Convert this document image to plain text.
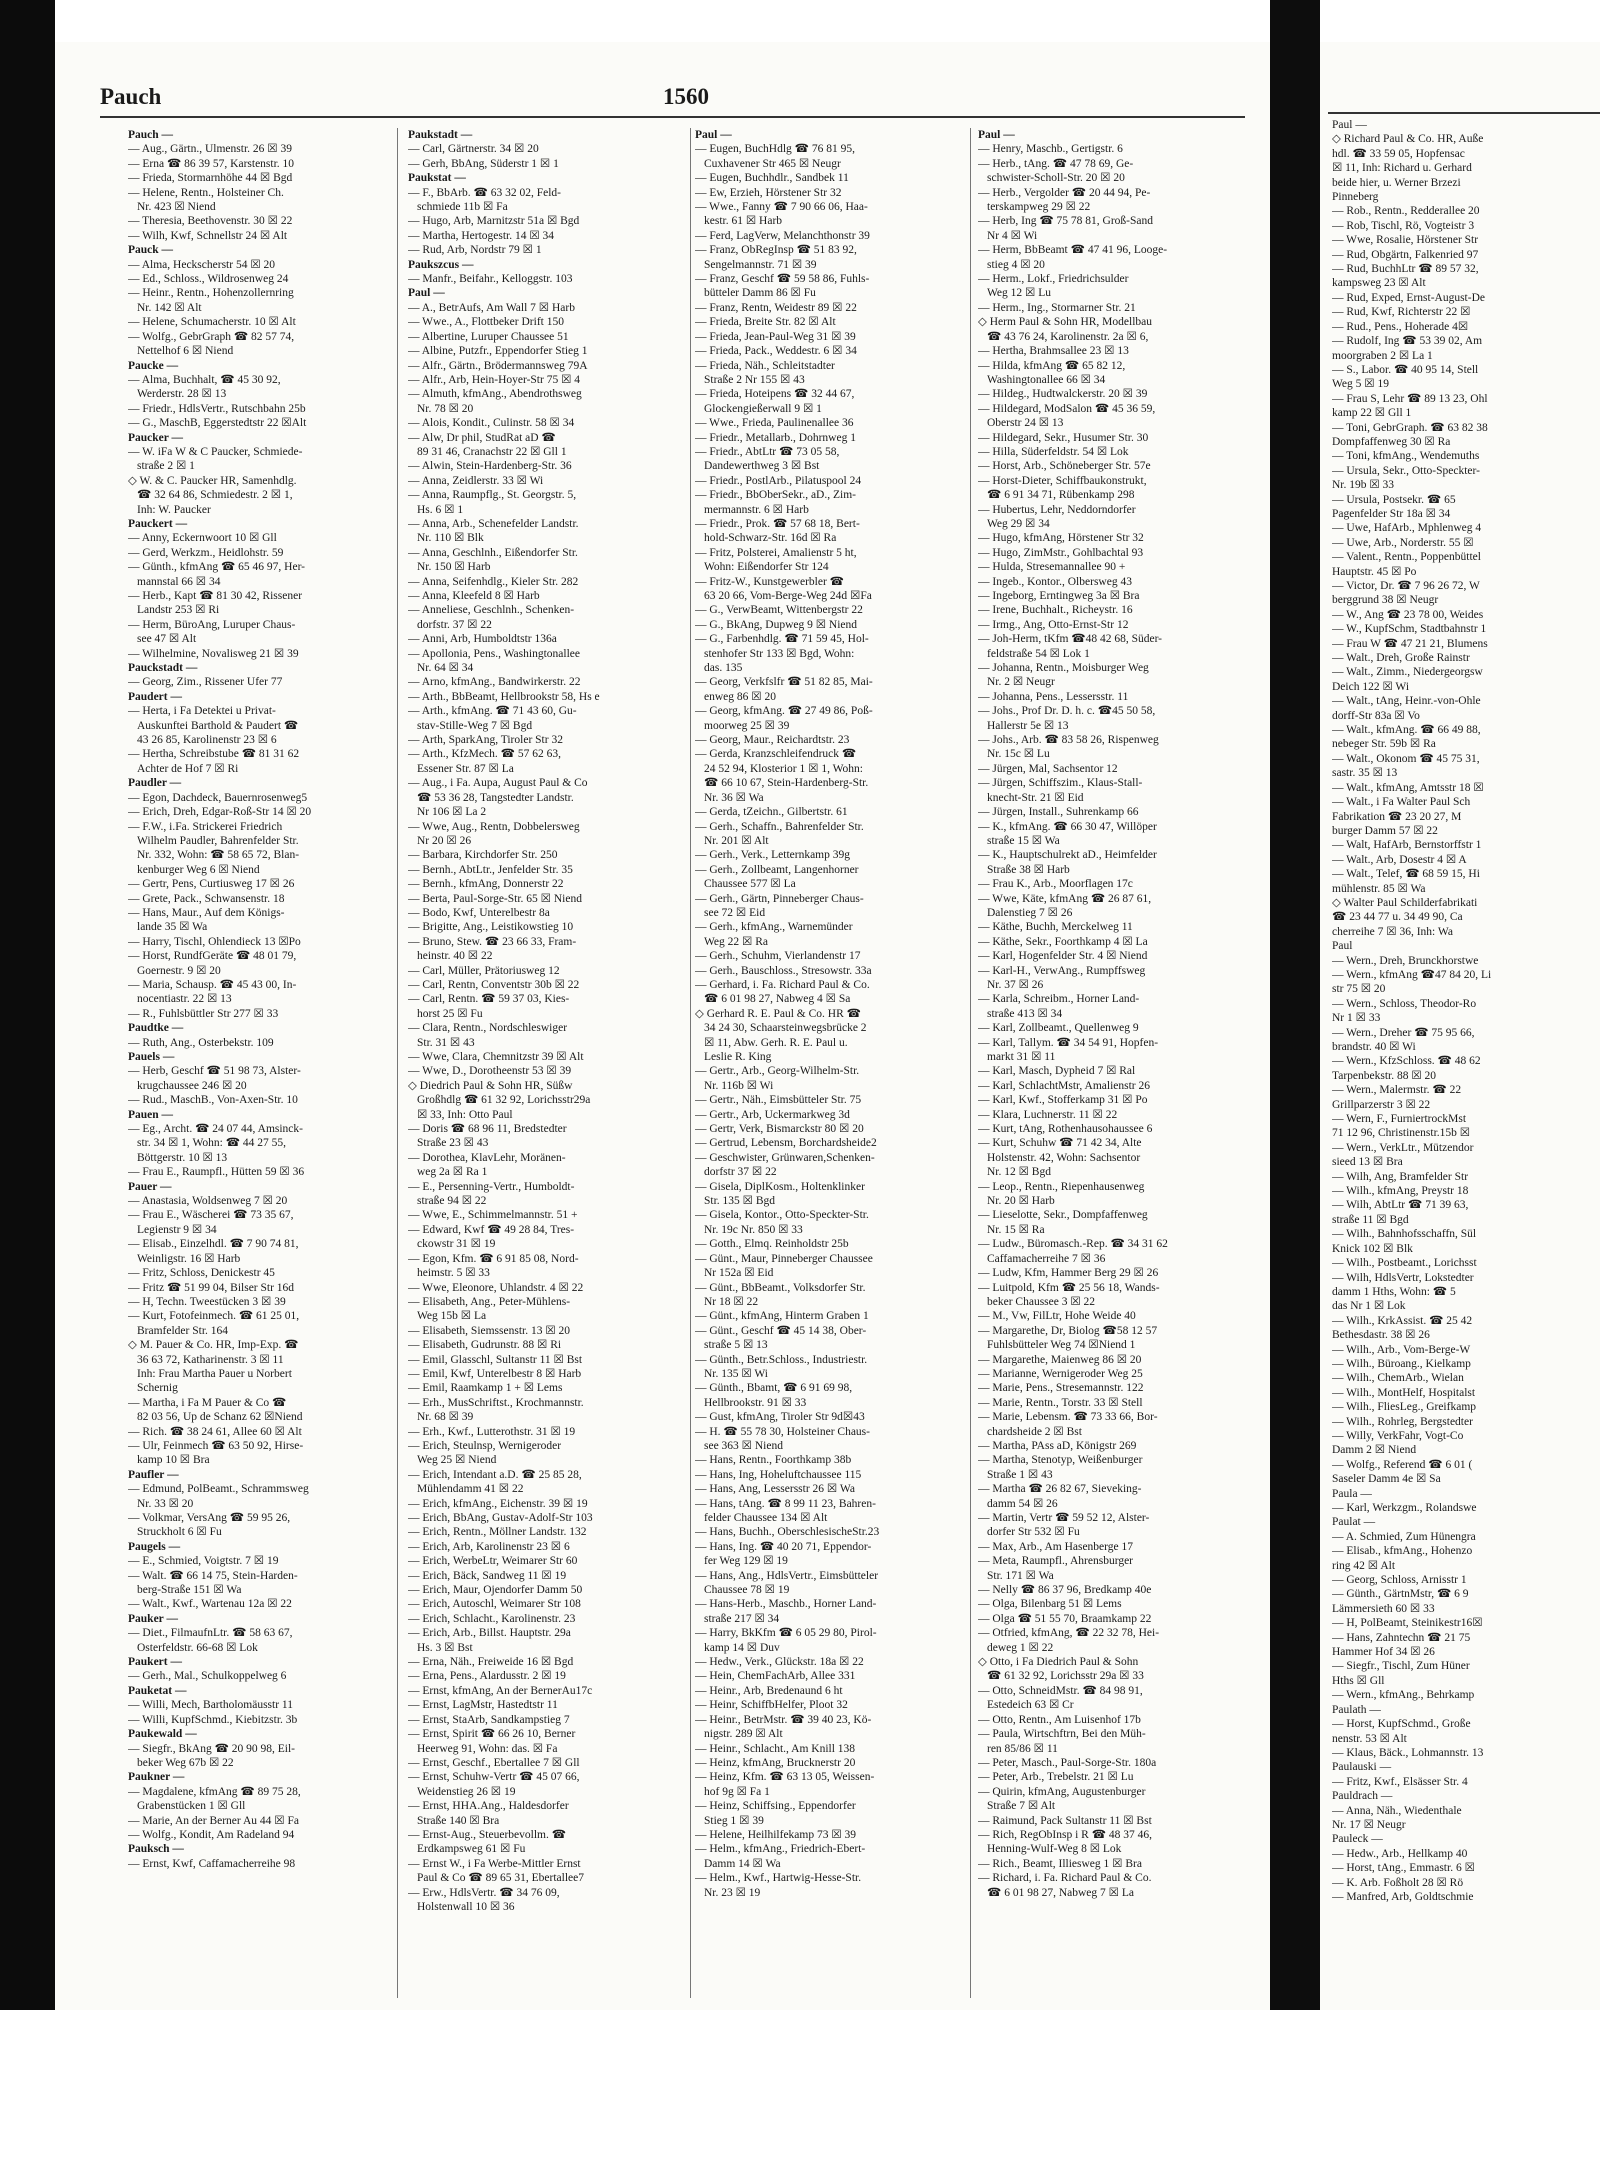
Pauch	1560

Pauch —

— Aug., Gärtn., Ulmenstr. 26 ☒ 39

— Erna ☎ 86 39 57, Karstenstr. 10

— Frieda, Stormarnhöhe 44 ☒ Bgd

— Helene, Rentn., Holsteiner Ch.

Nr. 423 ☒ Niend

— Theresia, Beethovenstr. 30 ☒ 22

— Wilh, Kwf, Schnellstr 24 ☒ Alt

Pauck —

— Alma, Heckscherstr 54 ☒ 20

— Ed., Schloss., Wildrosenweg 24

— Heinr., Rentn., Hohenzollernring

Nr. 142 ☒ Alt

— Helene, Schumacherstr. 10 ☒ Alt

— Wolfg., GebrGraph ☎ 82 57 74,

Nettelhof 6 ☒ Niend

Paucke —

— Alma, Buchhalt, ☎ 45 30 92,

Werderstr. 28 ☒ 13

— Friedr., HdlsVertr., Rutschbahn 25b

— G., MaschB, Eggerstedtstr 22 ☒Alt

Paucker —

— W. iFa W & C Paucker, Schmiede-

straße 2 ☒ 1

◇ W. & C. Paucker HR, Samenhdlg.

☎ 32 64 86, Schmiedestr. 2 ☒ 1,

Inh: W. Paucker

Pauckert —

— Anny, Eckernwoort 10 ☒ Gll

— Gerd, Werkzm., Heidlohstr. 59

— Günth., kfmAng ☎ 65 46 97, Her-

mannstal 66 ☒ 34

— Herb., Kapt ☎ 81 30 42, Rissener

Landstr 253 ☒ Ri

— Herm, BüroAng, Luruper Chaus-

see 47 ☒ Alt

— Wilhelmine, Novalisweg 21 ☒ 39

Pauckstadt —

— Georg, Zim., Rissener Ufer 77

Paudert —

— Herta, i Fa Detektei u Privat-

Auskunftei Barthold & Paudert ☎

43 26 85, Karolinenstr 23 ☒ 6

— Hertha, Schreibstube ☎ 81 31 62

Achter de Hof 7 ☒ Ri

Paudler —

— Egon, Dachdeck, Bauernrosenweg5

— Erich, Dreh, Edgar-Roß-Str 14 ☒ 20

— F.W., i.Fa. Strickerei Friedrich

Wilhelm Paudler, Bahrenfelder Str.

Nr. 332, Wohn: ☎ 58 65 72, Blan-

kenburger Weg 6 ☒ Niend

— Gertr, Pens, Curtiusweg 17 ☒ 26

— Grete, Pack., Schwansenstr. 18

— Hans, Maur., Auf dem Königs-

lande 35 ☒ Wa

— Harry, Tischl, Ohlendieck 13 ☒Po

— Horst, RundfGeräte ☎ 48 01 79,

Goernestr. 9 ☒ 20

— Maria, Schausp. ☎ 45 43 00, In-

nocentiastr. 22 ☒ 13

— R., Fuhlsbüttler Str 277 ☒ 33

Paudtke —

— Ruth, Ang., Osterbekstr. 109

Pauels —

— Herb, Geschf ☎ 51 98 73, Alster-

krugchaussee 246 ☒ 20

— Rud., MaschB., Von-Axen-Str. 10

Pauen —

— Eg., Archt. ☎ 24 07 44, Amsinck-

str. 34 ☒ 1, Wohn: ☎ 44 27 55,

Böttgerstr. 10 ☒ 13

— Frau E., Raumpfl., Hütten 59 ☒ 36

Pauer —

— Anastasia, Woldsenweg 7 ☒ 20

— Frau E., Wäscherei ☎ 73 35 67,

Legienstr 9 ☒ 34

— Elisab., Einzelhdl. ☎ 7 90 74 81,

Weinligstr. 16 ☒ Harb

— Fritz, Schloss, Denickestr 45

— Fritz ☎ 51 99 04, Bilser Str 16d

— H, Techn. Tweestücken 3 ☒ 39

— Kurt, Fotofeinmech. ☎ 61 25 01,

Bramfelder Str. 164

◇ M. Pauer & Co. HR, Imp-Exp. ☎

36 63 72, Katharinenstr. 3 ☒ 11

Inh: Frau Martha Pauer u Norbert

Schernig

— Martha, i Fa M Pauer & Co ☎

82 03 56, Up de Schanz 62 ☒Niend

— Rich. ☎ 38 24 61, Allee 60 ☒ Alt

— Ulr, Feinmech ☎ 63 50 92, Hirse-

kamp 10 ☒ Bra

Paufler —

— Edmund, PolBeamt., Schrammsweg

Nr. 33 ☒ 20

— Volkmar, VersAng ☎ 59 95 26,

Struckholt 6 ☒ Fu

Paugels —

— E., Schmied, Voigtstr. 7 ☒ 19

— Walt. ☎ 66 14 75, Stein-Harden-

berg-Straße 151 ☒ Wa

— Walt., Kwf., Wartenau 12a ☒ 22

Pauker —

— Diet., FilmaufnLtr. ☎ 58 63 67,

Osterfeldstr. 66-68 ☒ Lok

Paukert —

— Gerh., Mal., Schulkoppelweg 6

Pauketat —

— Willi, Mech, Bartholomäusstr 11

— Willi, KupfSchmd., Kiebitzstr. 3b

Paukewald —

— Siegfr., BkAng ☎ 20 90 98, Eil-

beker Weg 67b ☒ 22

Paukner —

— Magdalene, kfmAng ☎ 89 75 28,

Grabenstücken 1 ☒ Gll

— Marie, An der Berner Au 44 ☒ Fa

— Wolfg., Kondit, Am Radeland 94

Pauksch —

— Ernst, Kwf, Caffamacherreihe 98

Paukstadt —

— Carl, Gärtnerstr. 34 ☒ 20

— Gerh, BbAng, Süderstr 1 ☒ 1

Paukstat —

— F., BbArb. ☎ 63 32 02, Feld-

schmiede 11b ☒ Fa

— Hugo, Arb, Marnitzstr 51a ☒ Bgd

— Martha, Hertogestr. 14 ☒ 34

— Rud, Arb, Nordstr 79 ☒ 1

Paukszcus —

— Manfr., Beifahr., Kelloggstr. 103

Paul —

— A., BetrAufs, Am Wall 7 ☒ Harb

— Wwe., A., Flottbeker Drift 150

— Albertine, Luruper Chaussee 51

— Albine, Putzfr., Eppendorfer Stieg 1

— Alfr., Gärtn., Brödermannsweg 79A

— Alfr., Arb, Hein-Hoyer-Str 75 ☒ 4

— Almuth, kfmAng., Abendrothsweg

Nr. 78 ☒ 20

— Alois, Kondit., Culinstr. 58 ☒ 34

— Alw, Dr phil, StudRat aD ☎

89 31 46, Cranachstr 22 ☒ Gll 1

— Alwin, Stein-Hardenberg-Str. 36

— Anna, Zeidlerstr. 33 ☒ Wi

— Anna, Raumpflg., St. Georgstr. 5,

Hs. 6 ☒ 1

— Anna, Arb., Schenefelder Landstr.

Nr. 110 ☒ Blk

— Anna, Geschlnh., Eißendorfer Str.

Nr. 150 ☒ Harb

— Anna, Seifenhdlg., Kieler Str. 282

— Anna, Kleefeld 8 ☒ Harb

— Anneliese, Geschlnh., Schenken-

dorfstr. 37 ☒ 22

— Anni, Arb, Humboldtstr 136a

— Apollonia, Pens., Washingtonallee

Nr. 64 ☒ 34

— Arno, kfmAng., Bandwirkerstr. 22

— Arth., BbBeamt, Hellbrookstr 58, Hs e

— Arth., kfmAng. ☎ 71 43 60, Gu-

stav-Stille-Weg 7 ☒ Bgd

— Arth, SparkAng, Tiroler Str 32

— Arth., KfzMech. ☎ 57 62 63,

Essener Str. 87 ☒ La

— Aug., i Fa. Aupa, August Paul & Co

☎ 53 36 28, Tangstedter Landstr.

Nr 106 ☒ La 2

— Wwe, Aug., Rentn, Dobbelersweg

Nr 20 ☒ 26

— Barbara, Kirchdorfer Str. 250

— Bernh., AbtLtr., Jenfelder Str. 35

— Bernh., kfmAng, Donnerstr 22

— Berta, Paul-Sorge-Str. 65 ☒ Niend

— Bodo, Kwf, Unterelbestr 8a

— Brigitte, Ang., Leistikowstieg 10

— Bruno, Stew. ☎ 23 66 33, Fram-

heinstr. 40 ☒ 22

— Carl, Müller, Prätoriusweg 12

— Carl, Rentn, Conventstr 30b ☒ 22

— Carl, Rentn. ☎ 59 37 03, Kies-

horst 25 ☒ Fu

— Clara, Rentn., Nordschleswiger

Str. 31 ☒ 43

— Wwe, Clara, Chemnitzstr 39 ☒ Alt

— Wwe, D., Dorotheenstr 53 ☒ 39

◇ Diedrich Paul & Sohn HR, Süßw

Großhdlg ☎ 61 32 92, Lorichsstr29a

☒ 33, Inh: Otto Paul

— Doris ☎ 68 96 11, Bredstedter

Straße 23 ☒ 43

— Dorothea, KlavLehr, Moränen-

weg 2a ☒ Ra 1

— E., Persenning-Vertr., Humboldt-

straße 94 ☒ 22

— Wwe, E., Schimmelmannstr. 51 +

— Edward, Kwf ☎ 49 28 84, Tres-

ckowstr 31 ☒ 19

— Egon, Kfm. ☎ 6 91 85 08, Nord-

heimstr. 5 ☒ 33

— Wwe, Eleonore, Uhlandstr. 4 ☒ 22

— Elisabeth, Ang., Peter-Mühlens-

Weg 15b ☒ La

— Elisabeth, Siemssenstr. 13 ☒ 20

— Elisabeth, Gudrunstr. 88 ☒ Ri

— Emil, Glasschl, Sultanstr 11 ☒ Bst

— Emil, Kwf, Unterelbestr 8 ☒ Harb

— Emil, Raamkamp 1 + ☒ Lems

— Erh., MusSchriftst., Krochmannstr.

Nr. 68 ☒ 39

— Erh., Kwf., Lutterothstr. 31 ☒ 19

— Erich, Steulnsp, Wernigeroder

Weg 25 ☒ Niend

— Erich, Intendant a.D. ☎ 25 85 28,

Mühlendamm 41 ☒ 22

— Erich, kfmAng., Eichenstr. 39 ☒ 19

— Erich, BbAng, Gustav-Adolf-Str 103

— Erich, Rentn., Möllner Landstr. 132

— Erich, Arb, Karolinenstr 23 ☒ 6

— Erich, WerbeLtr, Weimarer Str 60

— Erich, Bäck, Sandweg 11 ☒ 19

— Erich, Maur, Ojendorfer Damm 50

— Erich, Autoschl, Weimarer Str 108

— Erich, Schlacht., Karolinenstr. 23

— Erich, Arb., Billst. Hauptstr. 29a

Hs. 3 ☒ Bst

— Erna, Näh., Freiweide 16 ☒ Bgd

— Erna, Pens., Alardusstr. 2 ☒ 19

— Ernst, kfmAng, An der BernerAu17c

— Ernst, LagMstr, Hastedtstr 11

— Ernst, StaArb, Sandkampstieg 7

— Ernst, Spirit ☎ 66 26 10, Berner

Heerweg 91, Wohn: das. ☒ Fa

— Ernst, Geschf., Ebertallee 7 ☒ Gll

— Ernst, Schuhw-Vertr ☎ 45 07 66,

Weidenstieg 26 ☒ 19

— Ernst, HHA.Ang., Haldesdorfer

Straße 140 ☒ Bra

— Ernst-Aug., Steuerbevollm. ☎

Erdkampsweg 61 ☒ Fu

— Ernst W., i Fa Werbe-Mittler Ernst

Paul & Co ☎ 89 65 31, Ebertallee7

— Erw., HdlsVertr. ☎ 34 76 09,

Holstenwall 10 ☒ 36

Paul —

— Eugen, BuchHdlg ☎ 76 81 95,

Cuxhavener Str 465 ☒ Neugr

— Eugen, Buchhdlr., Sandbek 11

— Ew, Erzieh, Hörstener Str 32

— Wwe., Fanny ☎ 7 90 66 06, Haa-

kestr. 61 ☒ Harb

— Ferd, LagVerw, Melanchthonstr 39

— Franz, ObRegInsp ☎ 51 83 92,

Sengelmannstr. 71 ☒ 39

— Franz, Geschf ☎ 59 58 86, Fuhls-

bütteler Damm 86 ☒ Fu

— Franz, Rentn, Weidestr 89 ☒ 22

— Frieda, Breite Str. 82 ☒ Alt

— Frieda, Jean-Paul-Weg 31 ☒ 39

— Frieda, Pack., Weddestr. 6 ☒ 34

— Frieda, Näh., Schleitstadter

Straße 2 Nr 155 ☒ 43

— Frieda, Hoteipens ☎ 32 44 67,

Glockengießerwall 9 ☒ 1

— Wwe., Frieda, Paulinenallee 36

— Friedr., Metallarb., Dohrnweg 1

— Friedr., AbtLtr ☎ 73 05 58,

Dandewerthweg 3 ☒ Bst

— Friedr., PostlArb., Pilatuspool 24

— Friedr., BbOberSekr., aD., Zim-

mermannstr. 6 ☒ Harb

— Friedr., Prok. ☎ 57 68 18, Bert-

hold-Schwarz-Str. 16d ☒ Ra

— Fritz, Polsterei, Amalienstr 5 ht,

Wohn: Eißendorfer Str 124

— Fritz-W., Kunstgewerbler ☎

63 20 66, Vom-Berge-Weg 24d ☒Fa

— G., VerwBeamt, Wittenbergstr 22

— G., BkAng, Dupweg 9 ☒ Niend

— G., Farbenhdlg. ☎ 71 59 45, Hol-

stenhofer Str 133 ☒ Bgd, Wohn:

das. 135

— Georg, Verkfslfr ☎ 51 82 85, Mai-

enweg 86 ☒ 20

— Georg, kfmAng. ☎ 27 49 86, Poß-

moorweg 25 ☒ 39

— Georg, Maur., Reichardtstr. 23

— Gerda, Kranzschleifendruck ☎

24 52 94, Klosterior 1 ☒ 1, Wohn:

☎ 66 10 67, Stein-Hardenberg-Str.

Nr. 36 ☒ Wa

— Gerda, tZeichn., Gilbertstr. 61

— Gerh., Schaffn., Bahrenfelder Str.

Nr. 201 ☒ Alt

— Gerh., Verk., Letternkamp 39g

— Gerh., Zollbeamt, Langenhorner

Chaussee 577 ☒ La

— Gerh., Gärtn, Pinneberger Chaus-

see 72 ☒ Eid

— Gerh., kfmAng., Warnemünder

Weg 22 ☒ Ra

— Gerh., Schuhm, Vierlandenstr 17

— Gerh., Bauschloss., Stresowstr. 33a

— Gerhard, i. Fa. Richard Paul & Co.

☎ 6 01 98 27, Nabweg 4 ☒ Sa

◇ Gerhard R. E. Paul & Co. HR ☎

34 24 30, Schaarsteinwegsbrücke 2

☒ 11, Abw. Gerh. R. E. Paul u.

Leslie R. King

— Gertr., Arb., Georg-Wilhelm-Str.

Nr. 116b ☒ Wi

— Gertr., Näh., Eimsbütteler Str. 75

— Gertr., Arb, Uckermarkweg 3d

— Gertr, Verk, Bismarckstr 80 ☒ 20

— Gertrud, Lebensm, Borchardsheide2

— Geschwister, Grünwaren,Schenken-

dorfstr 37 ☒ 22

— Gisela, DiplKosm., Holtenklinker

Str. 135 ☒ Bgd

— Gisela, Kontor., Otto-Speckter-Str.

Nr. 19c Nr. 850 ☒ 33

— Gotth., Elmq. Reinholdstr 25b

— Günt., Maur, Pinneberger Chaussee

Nr 152a ☒ Eid

— Günt., BbBeamt., Volksdorfer Str.

Nr 18 ☒ 22

— Günt., kfmAng, Hinterm Graben 1

— Günt., Geschf ☎ 45 14 38, Ober-

straße 5 ☒ 13

— Günth., Betr.Schloss., Industriestr.

Nr. 135 ☒ Wi

— Günth., Bbamt, ☎ 6 91 69 98,

Hellbrookstr. 91 ☒ 33

— Gust, kfmAng, Tiroler Str 9d☒43

— H. ☎ 55 78 30, Holsteiner Chaus-

see 363 ☒ Niend

— Hans, Rentn., Foorthkamp 38b

— Hans, Ing, Hoheluftchaussee 115

— Hans, Ang, Lessersstr 26 ☒ Wa

— Hans, tAng. ☎ 8 99 11 23, Bahren-

felder Chaussee 134 ☒ Alt

— Hans, Buchh., OberschlesischeStr.23

— Hans, Ing. ☎ 40 20 71, Eppendor-

fer Weg 129 ☒ 19

— Hans, Ang., HdlsVertr., Eimsbütteler

Chaussee 78 ☒ 19

— Hans-Herb., Maschb., Horner Land-

straße 217 ☒ 34

— Harry, BkKfm ☎ 6 05 29 80, Pirol-

kamp 14 ☒ Duv

— Hedw., Verk., Glückstr. 18a ☒ 22

— Hein, ChemFachArb, Allee 331

— Heinr., Arb, Bredenaund 6 ht

— Heinr, SchiffbHelfer, Ploot 32

— Heinr., BetrMstr. ☎ 39 40 23, Kö-

nigstr. 289 ☒ Alt

— Heinr., Schlacht., Am Knill 138

— Heinz, kfmAng, Brucknerstr 20

— Heinz, Kfm. ☎ 63 13 05, Weissen-

hof 9g ☒ Fa 1

— Heinz, Schiffsing., Eppendorfer

Stieg 1 ☒ 39

— Helene, Heilhilfekamp 73 ☒ 39

— Helm., kfmAng., Friedrich-Ebert-

Damm 14 ☒ Wa

— Helm., Kwf., Hartwig-Hesse-Str.

Nr. 23 ☒ 19

Paul —

— Henry, Maschb., Gertigstr. 6

— Herb., tAng. ☎ 47 78 69, Ge-

schwister-Scholl-Str. 20 ☒ 20

— Herb., Vergolder ☎ 20 44 94, Pe-

terskampweg 29 ☒ 22

— Herb, Ing ☎ 75 78 81, Groß-Sand

Nr 4 ☒ Wi

— Herm, BbBeamt ☎ 47 41 96, Looge-

stieg 4 ☒ 20

— Herm., Lokf., Friedrichsulder

Weg 12 ☒ Lu

— Herm., Ing., Stormarner Str. 21

◇ Herm Paul & Sohn HR, Modellbau

☎ 43 76 24, Karolinenstr. 2a ☒ 6,

— Hertha, Brahmsallee 23 ☒ 13

— Hilda, kfmAng ☎ 65 82 12,

Washingtonallee 66 ☒ 34

— Hildeg., Hudtwalckerstr. 20 ☒ 39

— Hildegard, ModSalon ☎ 45 36 59,

Oberstr 24 ☒ 13

— Hildegard, Sekr., Husumer Str. 30

— Hilla, Süderfeldstr. 54 ☒ Lok

— Horst, Arb., Schöneberger Str. 57e

— Horst-Dieter, Schiffbaukonstrukt,

☎ 6 91 34 71, Rübenkamp 298

— Hubertus, Lehr, Neddorndorfer

Weg 29 ☒ 34

— Hugo, kfmAng, Hörstener Str 32

— Hugo, ZimMstr., Gohlbachtal 93

— Hulda, Stresemannallee 90 +

— Ingeb., Kontor., Olbersweg 43

— Ingeborg, Erntingweg 3a ☒ Bra

— Irene, Buchhalt., Richeystr. 16

— Irmg., Ang, Otto-Ernst-Str 12

— Joh-Herm, tKfm ☎48 42 68, Süder-

feldstraße 54 ☒ Lok 1

— Johanna, Rentn., Moisburger Weg

Nr. 2 ☒ Neugr

— Johanna, Pens., Lessersstr. 11

— Johs., Prof Dr. D. h. c. ☎45 50 58,

Hallerstr 5e ☒ 13

— Johs., Arb. ☎ 83 58 26, Rispenweg

Nr. 15c ☒ Lu

— Jürgen, Mal, Sachsentor 12

— Jürgen, Schiffszim., Klaus-Stall-

knecht-Str. 21 ☒ Eid

— Jürgen, Install., Suhrenkamp 66

— K., kfmAng. ☎ 66 30 47, Willöper

straße 15 ☒ Wa

— K., Hauptschulrekt aD., Heimfelder

Straße 38 ☒ Harb

— Frau K., Arb., Moorflagen 17c

— Wwe, Käte, kfmAng ☎ 26 87 61,

Dalenstieg 7 ☒ 26

— Käthe, Buchh, Merckelweg 11

— Käthe, Sekr., Foorthkamp 4 ☒ La

— Karl, Hogenfelder Str. 4 ☒ Niend

— Karl-H., VerwAng., Rumpffsweg

Nr. 37 ☒ 26

— Karla, Schreibm., Horner Land-

straße 413 ☒ 34

— Karl, Zollbeamt., Quellenweg 9

— Karl, Tallym. ☎ 34 54 91, Hopfen-

markt 31 ☒ 11

— Karl, Masch, Dypheid 7 ☒ Ral

— Karl, SchlachtMstr, Amalienstr 26

— Karl, Kwf., Stofferkamp 31 ☒ Po

— Klara, Luchnerstr. 11 ☒ 22

— Kurt, tAng, Rothenhausohaussee 6

— Kurt, Schuhw ☎ 71 42 34, Alte

Holstenstr. 42, Wohn: Sachsentor

Nr. 12 ☒ Bgd

— Leop., Rentn., Riepenhausenweg

Nr. 20 ☒ Harb

— Lieselotte, Sekr., Dompfaffenweg

Nr. 15 ☒ Ra

— Ludw., Büromasch.-Rep. ☎ 34 31 62

Caffamacherreihe 7 ☒ 36

— Ludw, Kfm, Hammer Berg 29 ☒ 26

— Luitpold, Kfm ☎ 25 56 18, Wands-

beker Chaussee 3 ☒ 22

— M., Vw, FilLtr, Hohe Weide 40

— Margarethe, Dr, Biolog ☎58 12 57

Fuhlsbütteler Weg 74 ☒Niend 1

— Margarethe, Maienweg 86 ☒ 20

— Marianne, Wernigeroder Weg 25

— Marie, Pens., Stresemannstr. 122

— Marie, Rentn., Torstr. 33 ☒ Stell

— Marie, Lebensm. ☎ 73 33 66, Bor-

chardsheide 2 ☒ Bst

— Martha, PAss aD, Königstr 269

— Martha, Stenotyp, Weißenburger

Straße 1 ☒ 43

— Martha ☎ 26 82 67, Sieveking-

damm 54 ☒ 26

— Martin, Vertr ☎ 59 52 12, Alster-

dorfer Str 532 ☒ Fu

— Max, Arb., Am Hasenberge 17

— Meta, Raumpfl., Ahrensburger

Str. 171 ☒ Wa

— Nelly ☎ 86 37 96, Bredkamp 40e

— Olga, Bilenbarg 51 ☒ Lems

— Olga ☎ 51 55 70, Braamkamp 22

— Otfried, kfmAng, ☎ 22 32 78, Hei-

deweg 1 ☒ 22

◇ Otto, i Fa Diedrich Paul & Sohn

☎ 61 32 92, Lorichsstr 29a ☒ 33

— Otto, SchneidMstr. ☎ 84 98 91,

Estedeich 63 ☒ Cr

— Otto, Rentn., Am Luisenhof 17b

— Paula, Wirtschftrn, Bei den Müh-

ren 85/86 ☒ 11

— Peter, Masch., Paul-Sorge-Str. 180a

— Peter, Arb., Trebelstr. 21 ☒ Lu

— Quirin, kfmAng, Augustenburger

Straße 7 ☒ Alt

— Raimund, Pack Sultanstr 11 ☒ Bst

— Rich, RegObInsp i R ☎ 48 37 46,

Henning-Wulf-Weg 8 ☒ Lok

— Rich., Beamt, Illiesweg 1 ☒ Bra

— Richard, i. Fa. Richard Paul & Co.

☎ 6 01 98 27, Nabweg 7 ☒ La

Paul —

◇ Richard Paul & Co. HR, Auße

hdl. ☎ 33 59 05, Hopfensac

☒ 11, Inh: Richard u. Gerhard

beide hier, u. Werner Brzezi

Pinneberg

— Rob., Rentn., Redderallee 20

— Rob, Tischl, Rö, Vogteistr 3

— Wwe, Rosalie, Hörstener Str

— Rud, Obgärtn, Falkenried 97

— Rud, BuchhLtr ☎ 89 57 32,

kampsweg 23 ☒ Alt

— Rud, Exped, Ernst-August-De

— Rud, Kwf, Richterstr 22 ☒

— Rud., Pens., Hoherade 4☒

— Rudolf, Ing ☎ 53 39 02, Am

moorgraben 2 ☒ La 1

— S., Labor. ☎ 40 95 14, Stell

Weg 5 ☒ 19

— Frau S, Lehr ☎ 89 13 23, Ohl

kamp 22 ☒ Gll 1

— Toni, GebrGraph. ☎ 63 82 38

Dompfaffenweg 30 ☒ Ra

— Toni, kfmAng., Wendemuths

— Ursula, Sekr., Otto-Speckter-

Nr. 19b ☒ 33

— Ursula, Postsekr. ☎ 65

Pagenfelder Str 18a ☒ 34

— Uwe, HafArb., Mphlenweg 4

— Uwe, Arb., Norderstr. 55 ☒

— Valent., Rentn., Poppenbüttel

Hauptstr. 45 ☒ Po

— Victor, Dr. ☎ 7 96 26 72, W

berggrund 38 ☒ Neugr

— W., Ang ☎ 23 78 00, Weides

— W., KupfSchm, Stadtbahnstr 1

— Frau W ☎ 47 21 21, Blumens

— Walt., Dreh, Große Rainstr

— Walt., Zimm., Niedergeorgsw

Deich 122 ☒ Wi

— Walt., tAng, Heinr.-von-Ohle

dorff-Str 83a ☒ Vo

— Walt., kfmAng. ☎ 66 49 88,

nebeger Str. 59b ☒ Ra

— Walt., Okonom ☎ 45 75 31,

sastr. 35 ☒ 13

— Walt., kfmAng, Amtsstr 18 ☒

— Walt., i Fa Walter Paul Sch

Fabrikation ☎ 23 20 27, M

burger Damm 57 ☒ 22

— Walt, HafArb, Bernstorffstr 1

— Walt., Arb, Dosestr 4 ☒ A

— Walt., Telef, ☎ 68 59 15, Hi

mühlenstr. 85 ☒ Wa

◇ Walter Paul Schilderfabrikati

☎ 23 44 77 u. 34 49 90, Ca

cherreihe 7 ☒ 36, Inh: Wa

Paul

— Wern., Dreh, Brunckhorstwe

— Wern., kfmAng ☎47 84 20, Li

str 75 ☒ 20

— Wern., Schloss, Theodor-Ro

Nr 1 ☒ 33

— Wern., Dreher ☎ 75 95 66,

brandstr. 40 ☒ Wi

— Wern., KfzSchloss. ☎ 48 62

Tarpenbekstr. 88 ☒ 20

— Wern., Malermstr. ☎ 22

Grillparzerstr 3 ☒ 22

— Wern, F., FurniertrockMst

71 12 96, Christinenstr.15b ☒

— Wern., VerkLtr., Mützendor

sieed 13 ☒ Bra

— Wilh, Ang, Bramfelder Str

— Wilh., kfmAng, Preystr 18

— Wilh, AbtLtr ☎ 71 39 63,

straße 11 ☒ Bgd

— Wilh., Bahnhofsschaffn, Sül

Knick 102 ☒ Blk

— Wilh., Postbeamt., Lorichsst

— Wilh, HdlsVertr, Lokstedter

damm 1 Hths, Wohn: ☎ 5

das Nr 1 ☒ Lok

— Wilh., KrkAssist. ☎ 25 42

Bethesdastr. 38 ☒ 26

— Wilh., Arb., Vom-Berge-W

— Wilh., Büroang., Kielkamp

— Wilh., ChemArb., Wielan

— Wilh., MontHelf, Hospitalst

— Wilh., FliesLeg., Greifkamp

— Wilh., Rohrleg, Bergstedter

— Willy, VerkFahr, Vogt-Co

Damm 2 ☒ Niend

— Wolfg., Referend ☎ 6 01 (

Saseler Damm 4e ☒ Sa

Paula —

— Karl, Werkzgm., Rolandswe

Paulat —

— A. Schmied, Zum Hünengra

— Elisab., kfmAng., Hohenzo

ring 42 ☒ Alt

— Georg, Schloss, Arnisstr 1

— Günth., GärtnMstr, ☎ 6 9

Lämmersieth 60 ☒ 33

— H, PolBeamt, Steinikestr16☒

— Hans, Zahntechn ☎ 21 75

Hammer Hof 34 ☒ 26

— Siegfr., Tischl, Zum Hüner

Hths ☒ Gll

— Wern., kfmAng., Behrkamp

Paulath —

— Horst, KupfSchmd., Große

nenstr. 53 ☒ Alt

— Klaus, Bäck., Lohmannstr. 13

Paulauski —

— Fritz, Kwf., Elsässer Str. 4

Pauldrach —

— Anna, Näh., Wiedenthale

Nr. 17 ☒ Neugr

Pauleck —

— Hedw., Arb., Hellkamp 40

— Horst, tAng., Emmastr. 6 ☒

— K. Arb. Foßholt 28 ☒ Rö

— Manfred, Arb, Goldtschmie
